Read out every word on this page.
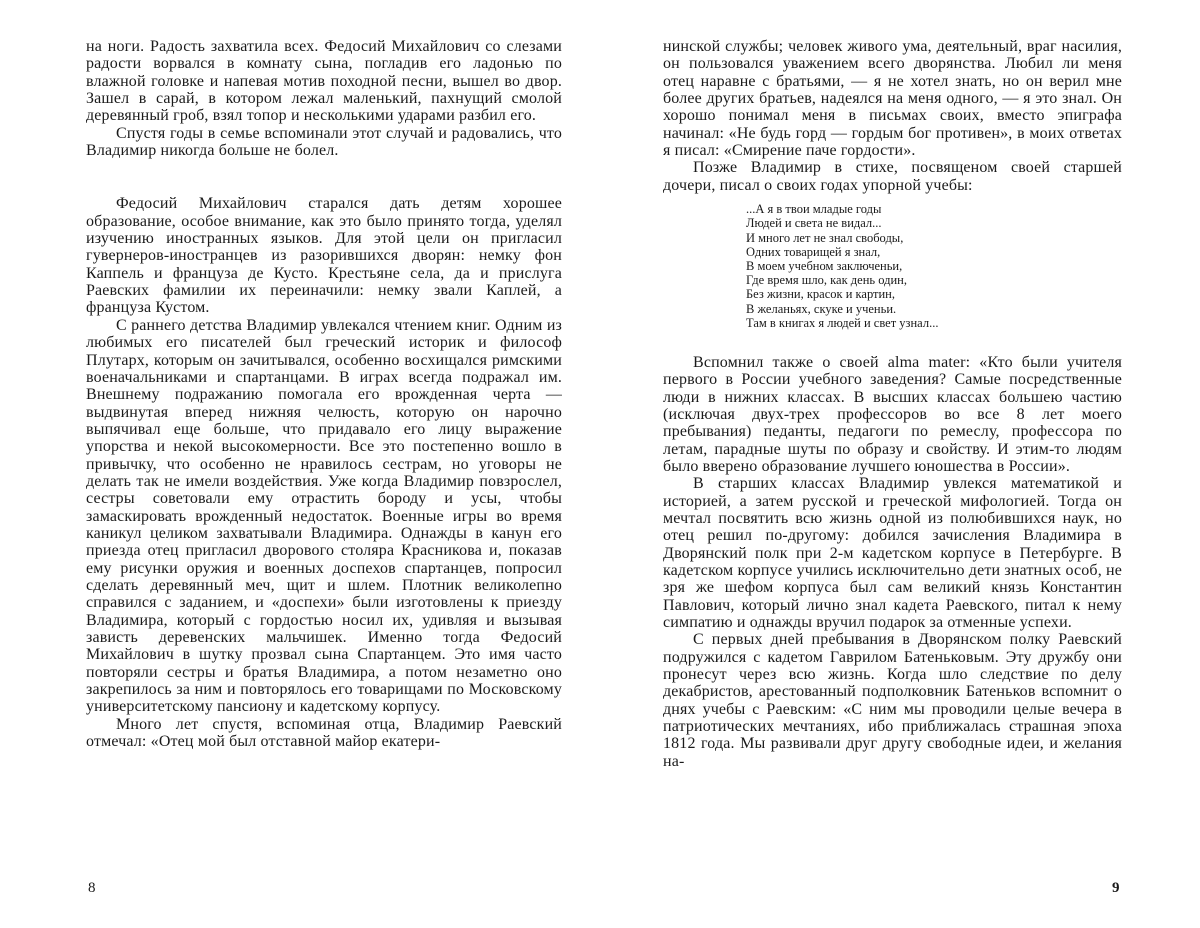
на ноги. Радость захватила всех. Федосий Михайлович со слезами радости ворвался в комнату сына, погладив его ладонью по влажной головке и напевая мотив походной песни, вышел во двор. Зашел в сарай, в котором лежал маленький, пахнущий смолой деревянный гроб, взял топор и несколькими ударами разбил его.

Спустя годы в семье вспоминали этот случай и радовались, что Владимир никогда больше не болел.

Федосий Михайлович старался дать детям хорошее образование, особое внимание, как это было принято тогда, уделял изучению иностранных языков. Для этой цели он пригласил гувернеров-иностранцев из разорившихся дворян: немку фон Каппель и француза де Кусто. Крестьяне села, да и прислуга Раевских фамилии их переиначили: немку звали Каплей, а француза Кустом.

С раннего детства Владимир увлекался чтением книг. Одним из любимых его писателей был греческий историк и философ Плутарх, которым он зачитывался, особенно восхищался римскими военачальниками и спартанцами. В играх всегда подражал им. Внешнему подражанию помогала его врожденная черта — выдвинутая вперед нижняя челюсть, которую он нарочно выпячивал еще больше, что придавало его лицу выражение упорства и некой высокомерности. Все это постепенно вошло в привычку, что особенно не нравилось сестрам, но уговоры не делать так не имели воздействия. Уже когда Владимир повзрослел, сестры советовали ему отрастить бороду и усы, чтобы замаскировать врожденный недостаток. Военные игры во время каникул целиком захватывали Владимира. Однажды в канун его приезда отец пригласил дворового столяра Красникова и, показав ему рисунки оружия и военных доспехов спартанцев, попросил сделать деревянный меч, щит и шлем. Плотник великолепно справился с заданием, и «доспехи» были изготовлены к приезду Владимира, который с гордостью носил их, удивляя и вызывая зависть деревенских мальчишек. Именно тогда Федосий Михайлович в шутку прозвал сына Спартанцем. Это имя часто повторяли сестры и братья Владимира, а потом незаметно оно закрепилось за ним и повторялось его товарищами по Московскому университетскому пансиону и кадетскому корпусу.

Много лет спустя, вспоминая отца, Владимир Раевский отмечал: «Отец мой был отставной майор екатери-

нинской службы; человек живого ума, деятельный, враг насилия, он пользовался уважением всего дворянства. Любил ли меня отец наравне с братьями, — я не хотел знать, но он верил мне более других братьев, надеялся на меня одного, — я это знал. Он хорошо понимал меня в письмах своих, вместо эпиграфа начинал: «Не будь горд — гордым бог противен», в моих ответах я писал: «Смирение паче гордости».

Позже Владимир в стихе, посвященом своей старшей дочери, писал о своих годах упорной учебы:

...А я в твои младые годы
Людей и света не видал...
И много лет не знал свободы,
Одних товарищей я знал,
В моем учебном заключеньи,
Где время шло, как день один,
Без жизни, красок и картин,
В желаньях, скуке и ученьи.
Там в книгах я людей и свет узнал...

Вспомнил также о своей alma mater: «Кто были учителя первого в России учебного заведения? Самые посредственные люди в нижних классах. В высших классах большею частию (исключая двух-трех профессоров во все 8 лет моего пребывания) педанты, педагоги по ремеслу, профессора по летам, парадные шуты по образу и свойству. И этим-то людям было вверено образование лучшего юношества в России».

В старших классах Владимир увлекся математикой и историей, а затем русской и греческой мифологией. Тогда он мечтал посвятить всю жизнь одной из полюбившихся наук, но отец решил по-другому: добился зачисления Владимира в Дворянский полк при 2-м кадетском корпусе в Петербурге. В кадетском корпусе учились исключительно дети знатных особ, не зря же шефом корпуса был сам великий князь Константин Павлович, который лично знал кадета Раевского, питал к нему симпатию и однажды вручил подарок за отменные успехи.

С первых дней пребывания в Дворянском полку Раевский подружился с кадетом Гаврилом Батеньковым. Эту дружбу они пронесут через всю жизнь. Когда шло следствие по делу декабристов, арестованный подполковник Батеньков вспомнит о днях учебы с Раевским: «С ним мы проводили целые вечера в патриотических мечтаниях, ибо приближалась страшная эпоха 1812 года. Мы развивали друг другу свободные идеи, и желания на-

8	9
